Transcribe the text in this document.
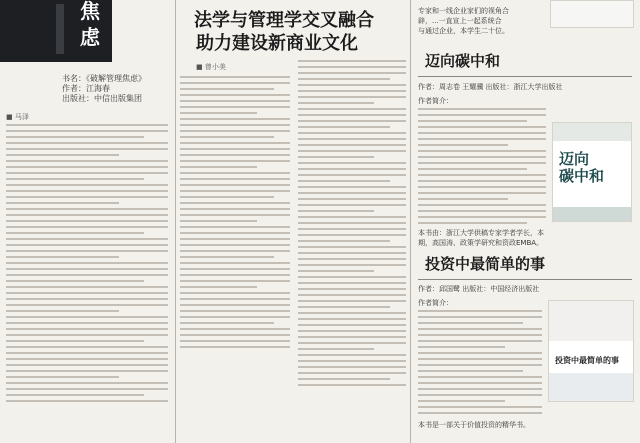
焦虑
书名：《破解管理焦虑》
作者：江海春
出版社：中信出版集团
■ 马泽
法学与管理学交叉融合
助力建设新商业文化
■ 曾小美
专家和一线企业家们的视角合
辟，...一直宣上一起系统合
与通过企业，本学生二十位。
迈向碳中和
作者：周志卷 王耀骥 出版社：浙江大学出版社
作者简介：
迈向
碳中和
本书由：浙江大学供稿专家学者学长，本期，高国涛、政策学研究和资政EMBA。
投资中最简单的事
作者：邱国鹭 出版社：中国经济出版社
作者简介：
投资中最简单的事
本书是一部关于价值投资的精华书。
